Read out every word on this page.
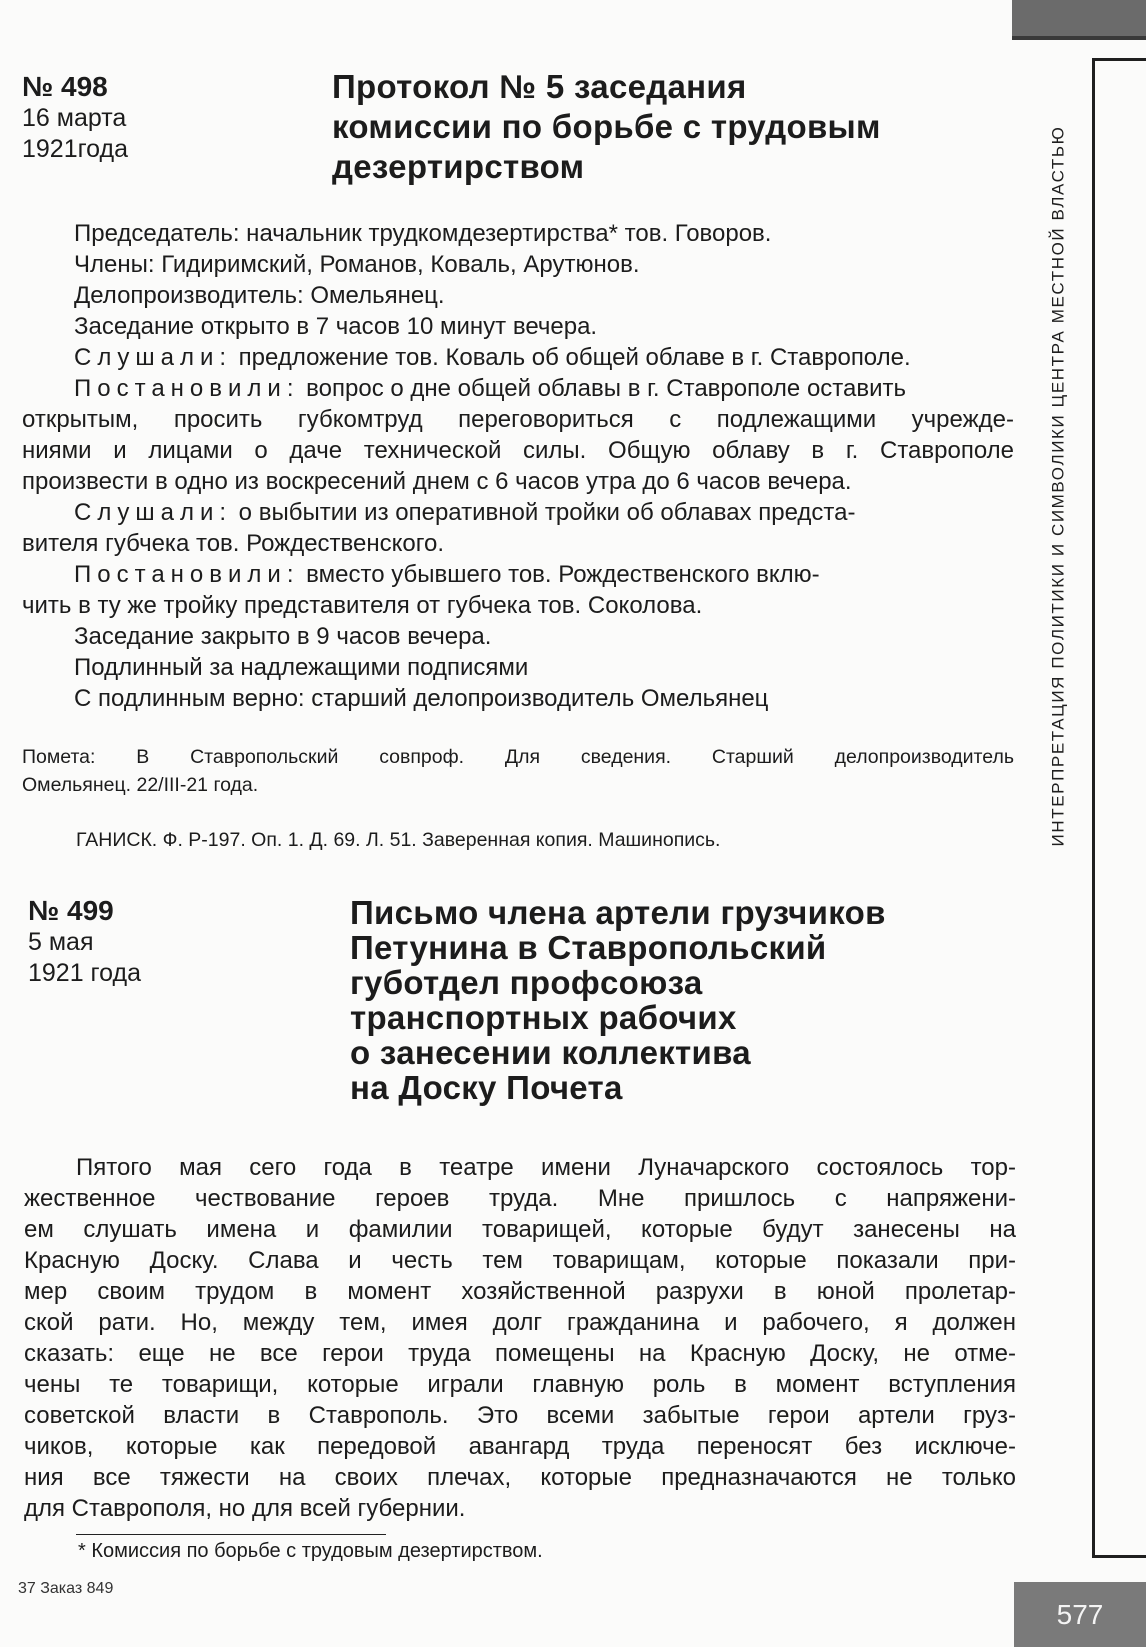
ИНТЕРПРЕТАЦИЯ ПОЛИТИКИ И СИМВОЛИКИ ЦЕНТРА МЕСТНОЙ ВЛАСТЬЮ
577
№ 498
16 марта
1921года
Протокол № 5 заседания
комиссии по борьбе с трудовым
дезертирством
Председатель: начальник трудкомдезертирства* тов. Говоров.
Члены: Гидиримский, Романов, Коваль, Арутюнов.
Делопроизводитель: Омельянец.
Заседание открыто в 7 часов 10 минут вечера.
Слушали: предложение тов. Коваль об общей облаве в г. Ставрополе.
Постановили: вопрос о дне общей облавы в г. Ставрополе оставить
открытым, просить губкомтруд переговориться с подлежащими учрежде-
ниями и лицами о даче технической силы. Общую облаву в г. Ставрополе
произвести в одно из воскресений днем с 6 часов утра до 6 часов вечера.
Слушали: о выбытии из оперативной тройки об облавах предста-
вителя губчека тов. Рождественского.
Постановили: вместо убывшего тов. Рождественского вклю-
чить в ту же тройку представителя от губчека тов. Соколова.
Заседание закрыто в 9 часов вечера.
Подлинный за надлежащими подписями
С подлинным верно: старший делопроизводитель Омельянец
Помета: В Ставропольский совпроф. Для сведения. Старший делопроизводитель
Омельянец. 22/III-21 года.
ГАНИСК. Ф. Р-197. Оп. 1. Д. 69. Л. 51. Заверенная копия. Машинопись.
№ 499
5 мая
1921 года
Письмо члена артели грузчиков
Петунина в Ставропольский
губотдел профсоюза
транспортных рабочих
о занесении коллектива
на Доску Почета
Пятого мая сего года в театре имени Луначарского состоялось тор-
жественное чествование героев труда. Мне пришлось с напряжени-
ем слушать имена и фамилии товарищей, которые будут занесены на
Красную Доску. Слава и честь тем товарищам, которые показали при-
мер своим трудом в момент хозяйственной разрухи в юной пролетар-
ской рати. Но, между тем, имея долг гражданина и рабочего, я должен
сказать: еще не все герои труда помещены на Красную Доску, не отме-
чены те товарищи, которые играли главную роль в момент вступления
советской власти в Ставрополь. Это всеми забытые герои артели груз-
чиков, которые как передовой авангард труда переносят без исключе-
ния все тяжести на своих плечах, которые предназначаются не только
для Ставрополя, но для всей губернии.
* Комиссия по борьбе с трудовым дезертирством.
37 Заказ 849
